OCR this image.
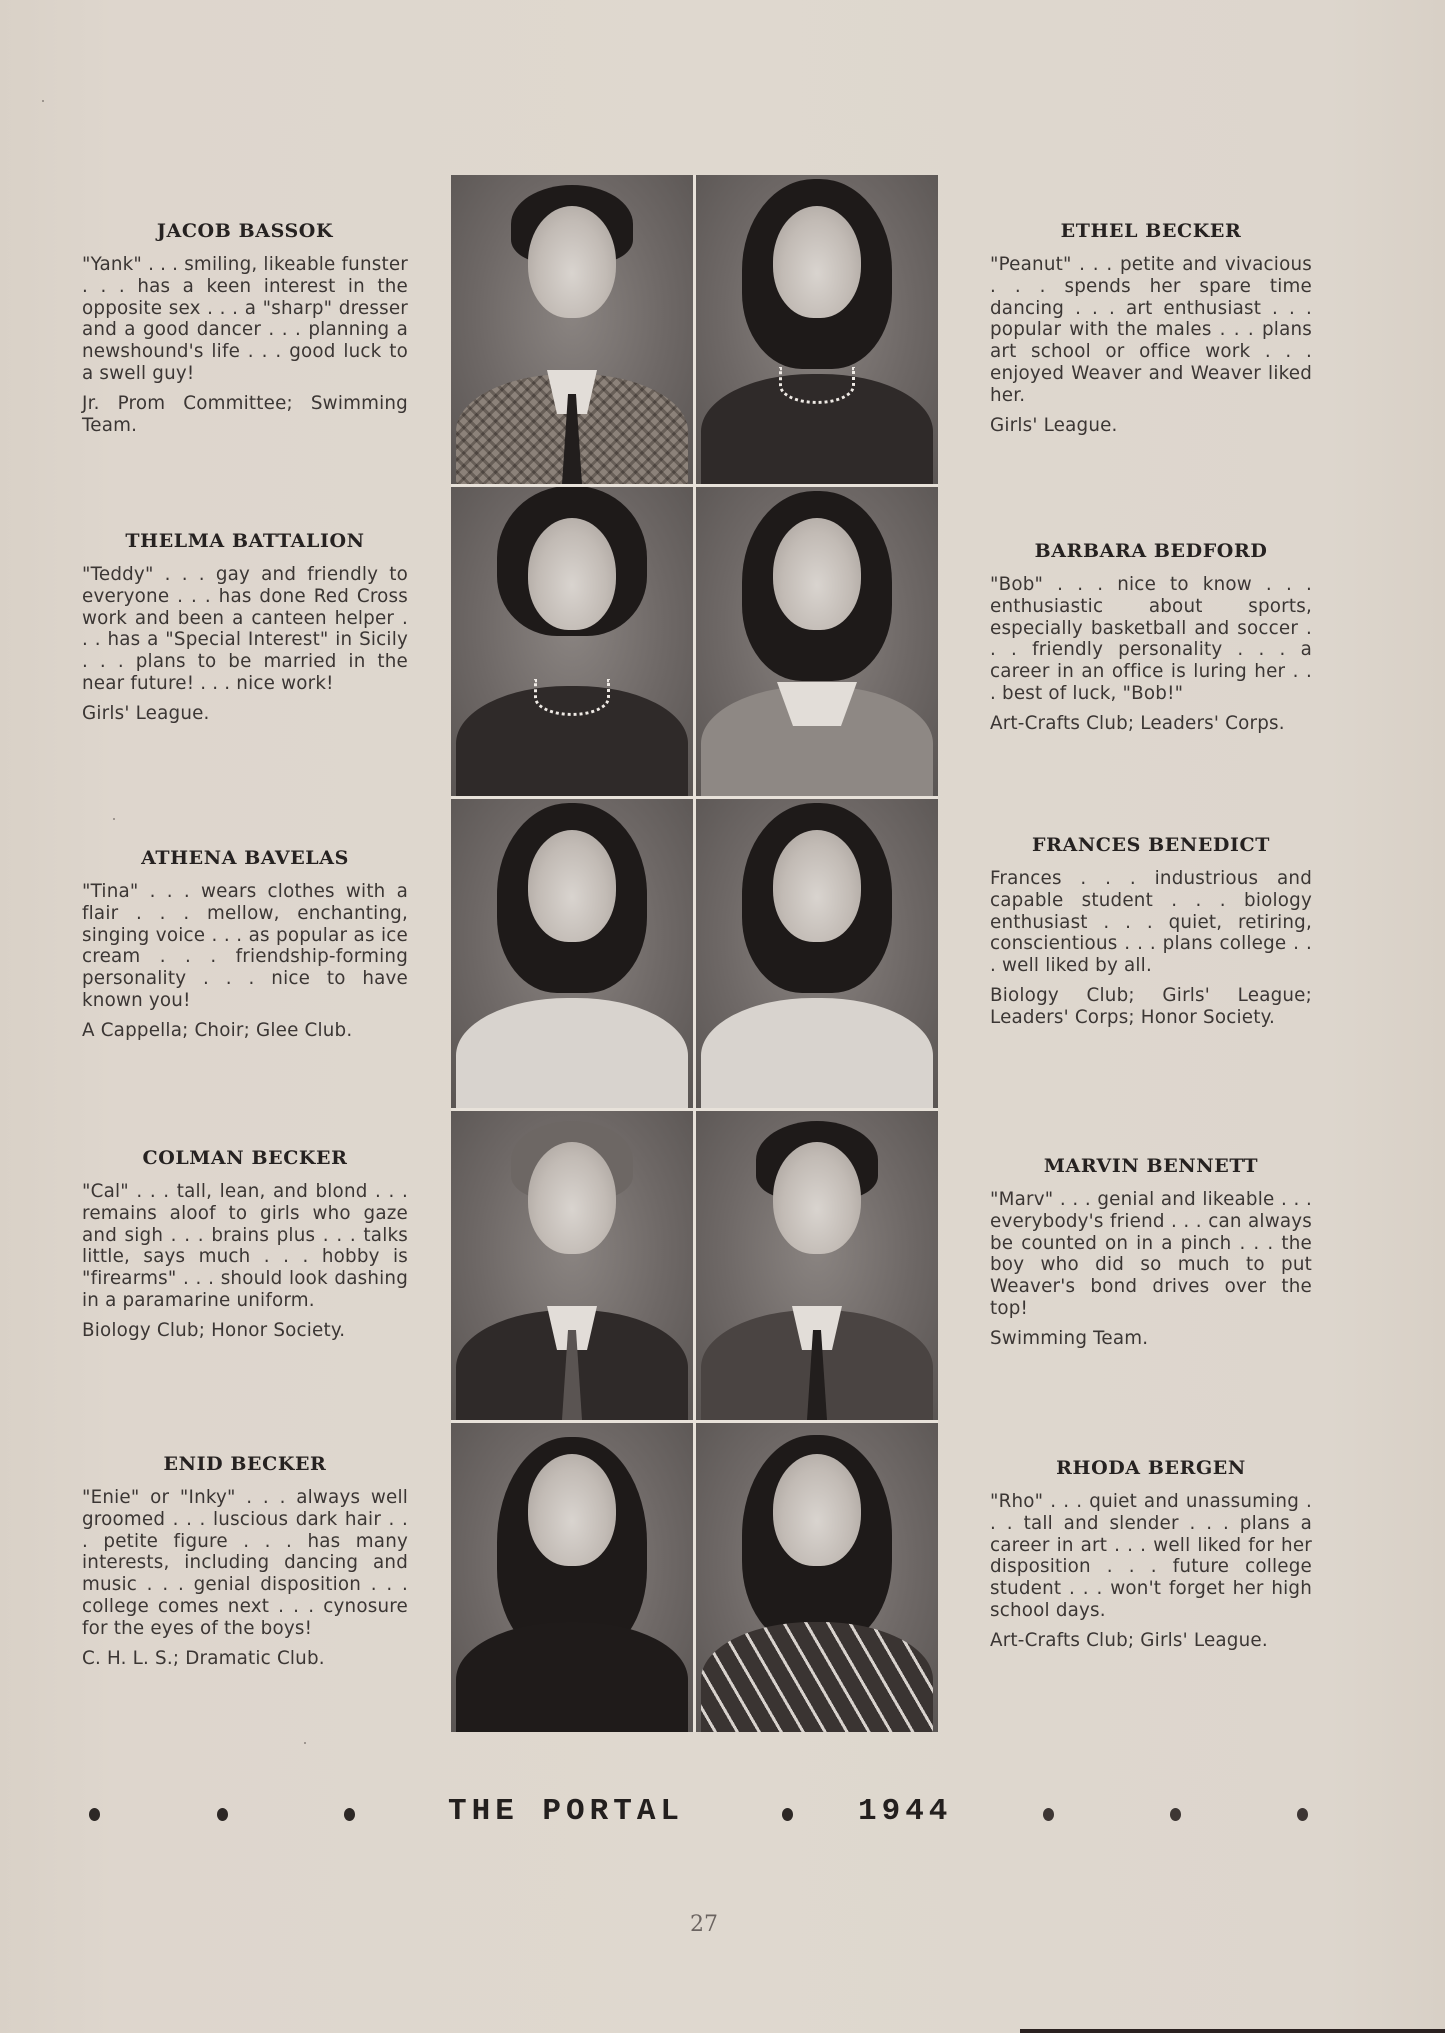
JACOB BASSOK

"Yank" . . . smiling, likeable funster . . . has a keen interest in the opposite sex . . . a "sharp" dresser and a good dancer . . . planning a newshound's life . . . good luck to a swell guy!

Jr. Prom Committee; Swimming Team.

THELMA BATTALION

"Teddy" . . . gay and friendly to everyone . . . has done Red Cross work and been a canteen helper . . . has a "Special Interest" in Sicily . . . plans to be married in the near future! . . . nice work!

Girls' League.

ATHENA BAVELAS

"Tina" . . . wears clothes with a flair . . . mellow, enchanting, singing voice . . . as popular as ice cream . . . friendship-forming personality . . . nice to have known you!

A Cappella; Choir; Glee Club.

COLMAN BECKER

"Cal" . . . tall, lean, and blond . . . remains aloof to girls who gaze and sigh . . . brains plus . . . talks little, says much . . . hobby is "firearms" . . . should look dashing in a paramarine uniform.

Biology Club; Honor Society.

ENID BECKER

"Enie" or "Inky" . . . always well groomed . . . luscious dark hair . . . petite figure . . . has many interests, including dancing and music . . . genial disposition . . . college comes next . . . cynosure for the eyes of the boys!

C. H. L. S.; Dramatic Club.

ETHEL BECKER

"Peanut" . . . petite and vivacious . . . spends her spare time dancing . . . art enthusiast . . . popular with the males . . . plans art school or office work . . . enjoyed Weaver and Weaver liked her.

Girls' League.

BARBARA BEDFORD

"Bob" . . . nice to know . . . enthusiastic about sports, especially basketball and soccer . . . friendly personality . . . a career in an office is luring her . . . best of luck, "Bob!"

Art-Crafts Club; Leaders' Corps.

FRANCES BENEDICT

Frances . . . industrious and capable student . . . biology enthusiast . . . quiet, retiring, conscientious . . . plans college . . . well liked by all.

Biology Club; Girls' League; Leaders' Corps; Honor Society.

MARVIN BENNETT

"Marv" . . . genial and likeable . . . everybody's friend . . . can always be counted on in a pinch . . . the boy who did so much to put Weaver's bond drives over the top!

Swimming Team.

RHODA BERGEN

"Rho" . . . quiet and unassuming . . . tall and slender . . . plans a career in art . . . well liked for her disposition . . . future college student . . . won't forget her high school days.

Art-Crafts Club; Girls' League.

THE PORTAL	1944
27
